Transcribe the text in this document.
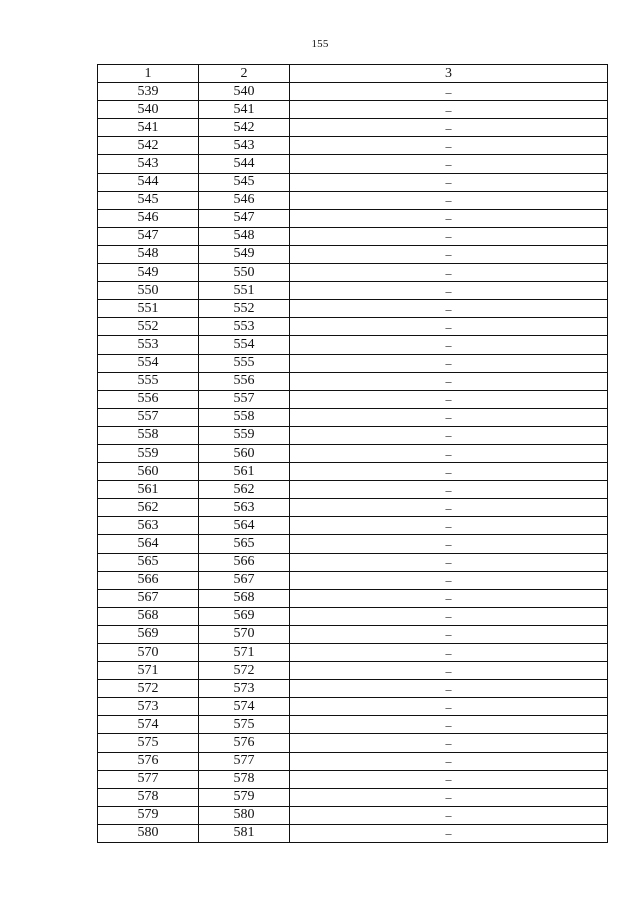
155
1	2	3
539	540	–
540	541	–
541	542	–
542	543	–
543	544	–
544	545	–
545	546	–
546	547	–
547	548	–
548	549	–
549	550	–
550	551	–
551	552	–
552	553	–
553	554	–
554	555	–
555	556	–
556	557	–
557	558	–
558	559	–
559	560	–
560	561	–
561	562	–
562	563	–
563	564	–
564	565	–
565	566	–
566	567	–
567	568	–
568	569	–
569	570	–
570	571	–
571	572	–
572	573	–
573	574	–
574	575	–
575	576	–
576	577	–
577	578	–
578	579	–
579	580	–
580	581	–
